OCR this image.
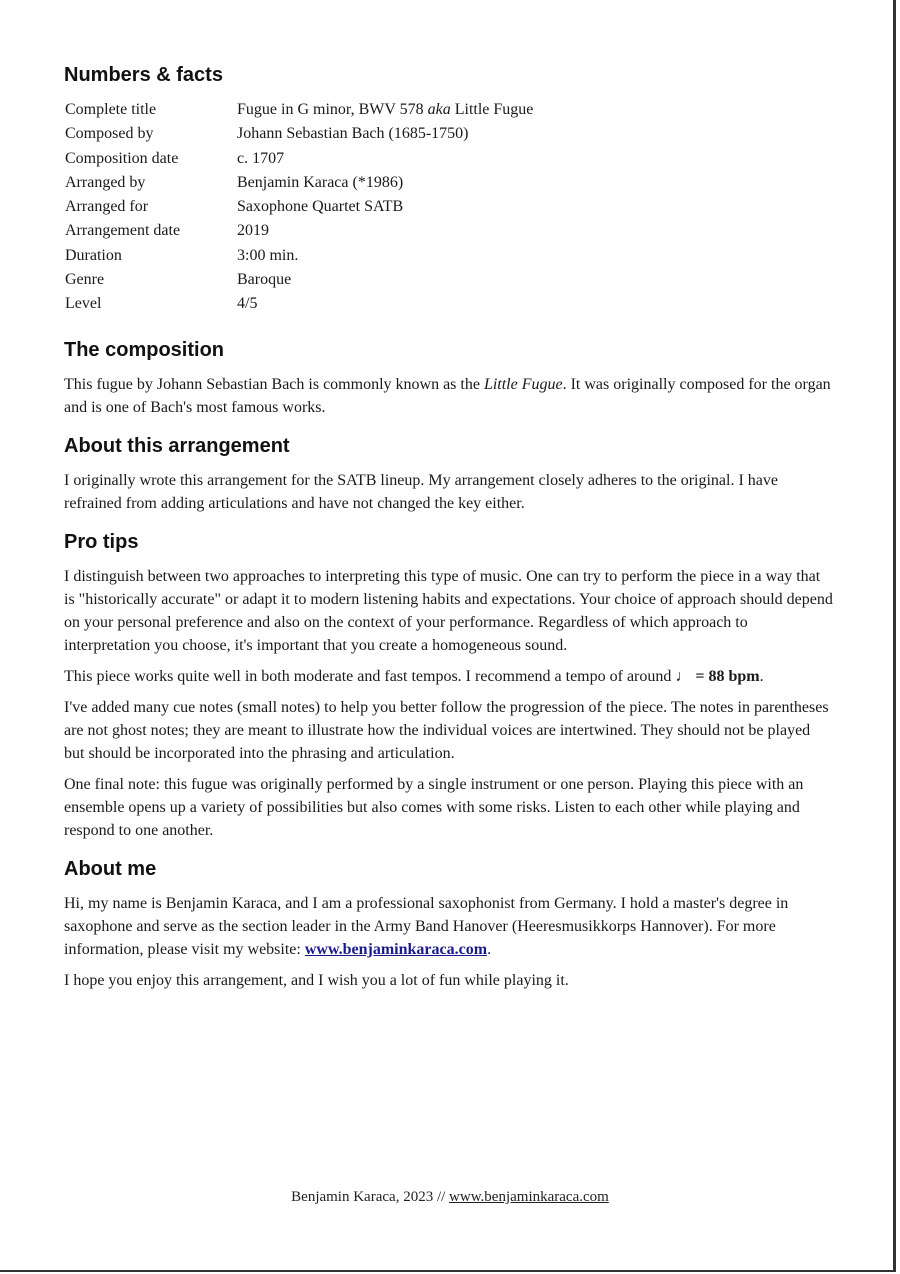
Numbers & facts
Complete title	Fugue in G minor, BWV 578 aka Little Fugue
Composed by	Johann Sebastian Bach (1685-1750)
Composition date	c. 1707
Arranged by	Benjamin Karaca (*1986)
Arranged for	Saxophone Quartet SATB
Arrangement date	2019
Duration	3:00 min.
Genre	Baroque
Level	4/5
The composition

This fugue by Johann Sebastian Bach is commonly known as the Little Fugue. It was originally composed for the organ and is one of Bach's most famous works.

About this arrangement

I originally wrote this arrangement for the SATB lineup. My arrangement closely adheres to the original. I have refrained from adding articulations and have not changed the key either.

Pro tips

I distinguish between two approaches to interpreting this type of music. One can try to perform the piece in a way that is "historically accurate" or adapt it to modern listening habits and expectations. Your choice of approach should depend on your personal preference and also on the context of your performance. Regardless of which approach to interpretation you choose, it's important that you create a homogeneous sound.

This piece works quite well in both moderate and fast tempos. I recommend a tempo of around ♩ = 88 bpm.

I've added many cue notes (small notes) to help you better follow the progression of the piece. The notes in parentheses are not ghost notes; they are meant to illustrate how the individual voices are intertwined. They should not be played but should be incorporated into the phrasing and articulation.

One final note: this fugue was originally performed by a single instrument or one person. Playing this piece with an ensemble opens up a variety of possibilities but also comes with some risks. Listen to each other while playing and respond to one another.

About me

Hi, my name is Benjamin Karaca, and I am a professional saxophonist from Germany. I hold a master's degree in saxophone and serve as the section leader in the Army Band Hanover (Heeresmusikkorps Hannover). For more information, please visit my website: www.benjaminkaraca.com.

I hope you enjoy this arrangement, and I wish you a lot of fun while playing it.

Benjamin Karaca, 2023 // www.benjaminkaraca.com
